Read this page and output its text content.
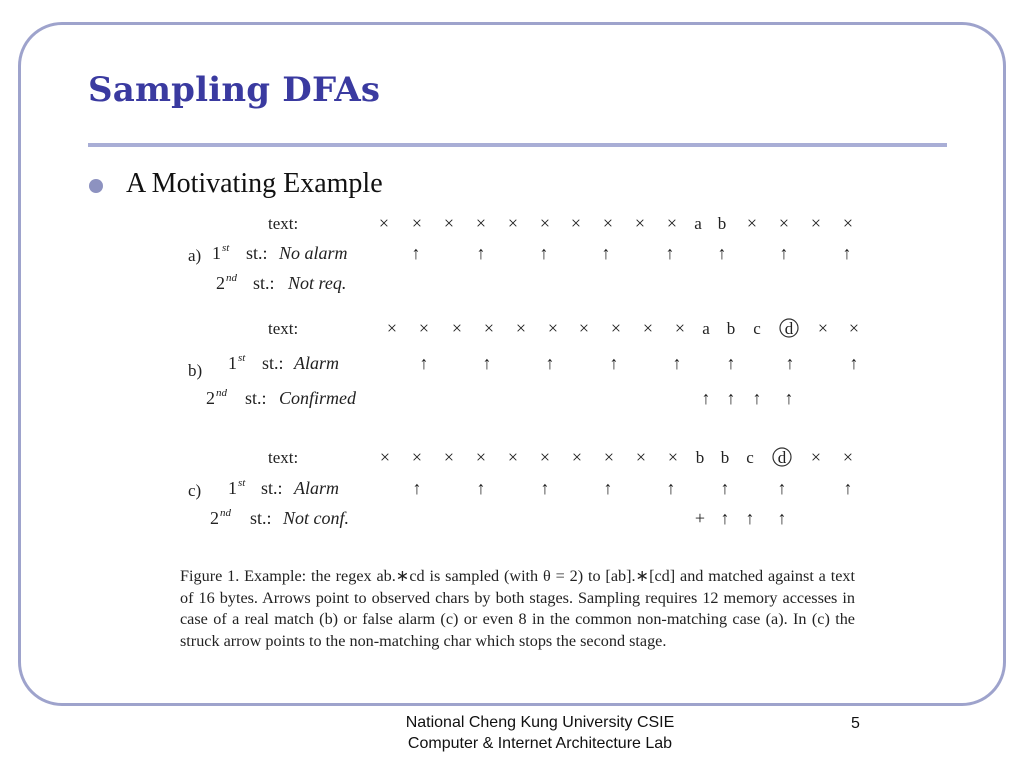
Sampling DFAs
A Motivating Example
a)
text:	× × × × × × × × × × a b × × × ×
1 st st.: No alarm
2 nd st.: Not req.
↑	↑	↑	↑	↑ ↑	↑	↑
b)
text:	× × × × × × × × × × a b c d × ×
1 st st.: Alarm
2 nd st.: Confirmed
↑	↑	↑	↑	↑	↑	↑	↑
↑ ↑ ↑ ↑
c)
text:	× × × × × × × × × × b b c d × ×
1 st st.: Alarm
2 nd st.: Not conf.
↑	↑	↑	↑	↑	↑	↑	↑
+ ↑ ↑ ↑

Figure 1. Example: the regex ab.∗cd is sampled (with θ = 2) to [ab].∗[cd] and matched against a text of 16 bytes. Arrows point to observed chars by both stages. Sampling requires 12 memory accesses in case of a real match (b) or false alarm (c) or even 8 in the common non-matching case (a). In (c) the struck arrow points to the non-matching char which stops the second stage.

National Cheng Kung University CSIE
Computer & Internet Architecture Lab
5
